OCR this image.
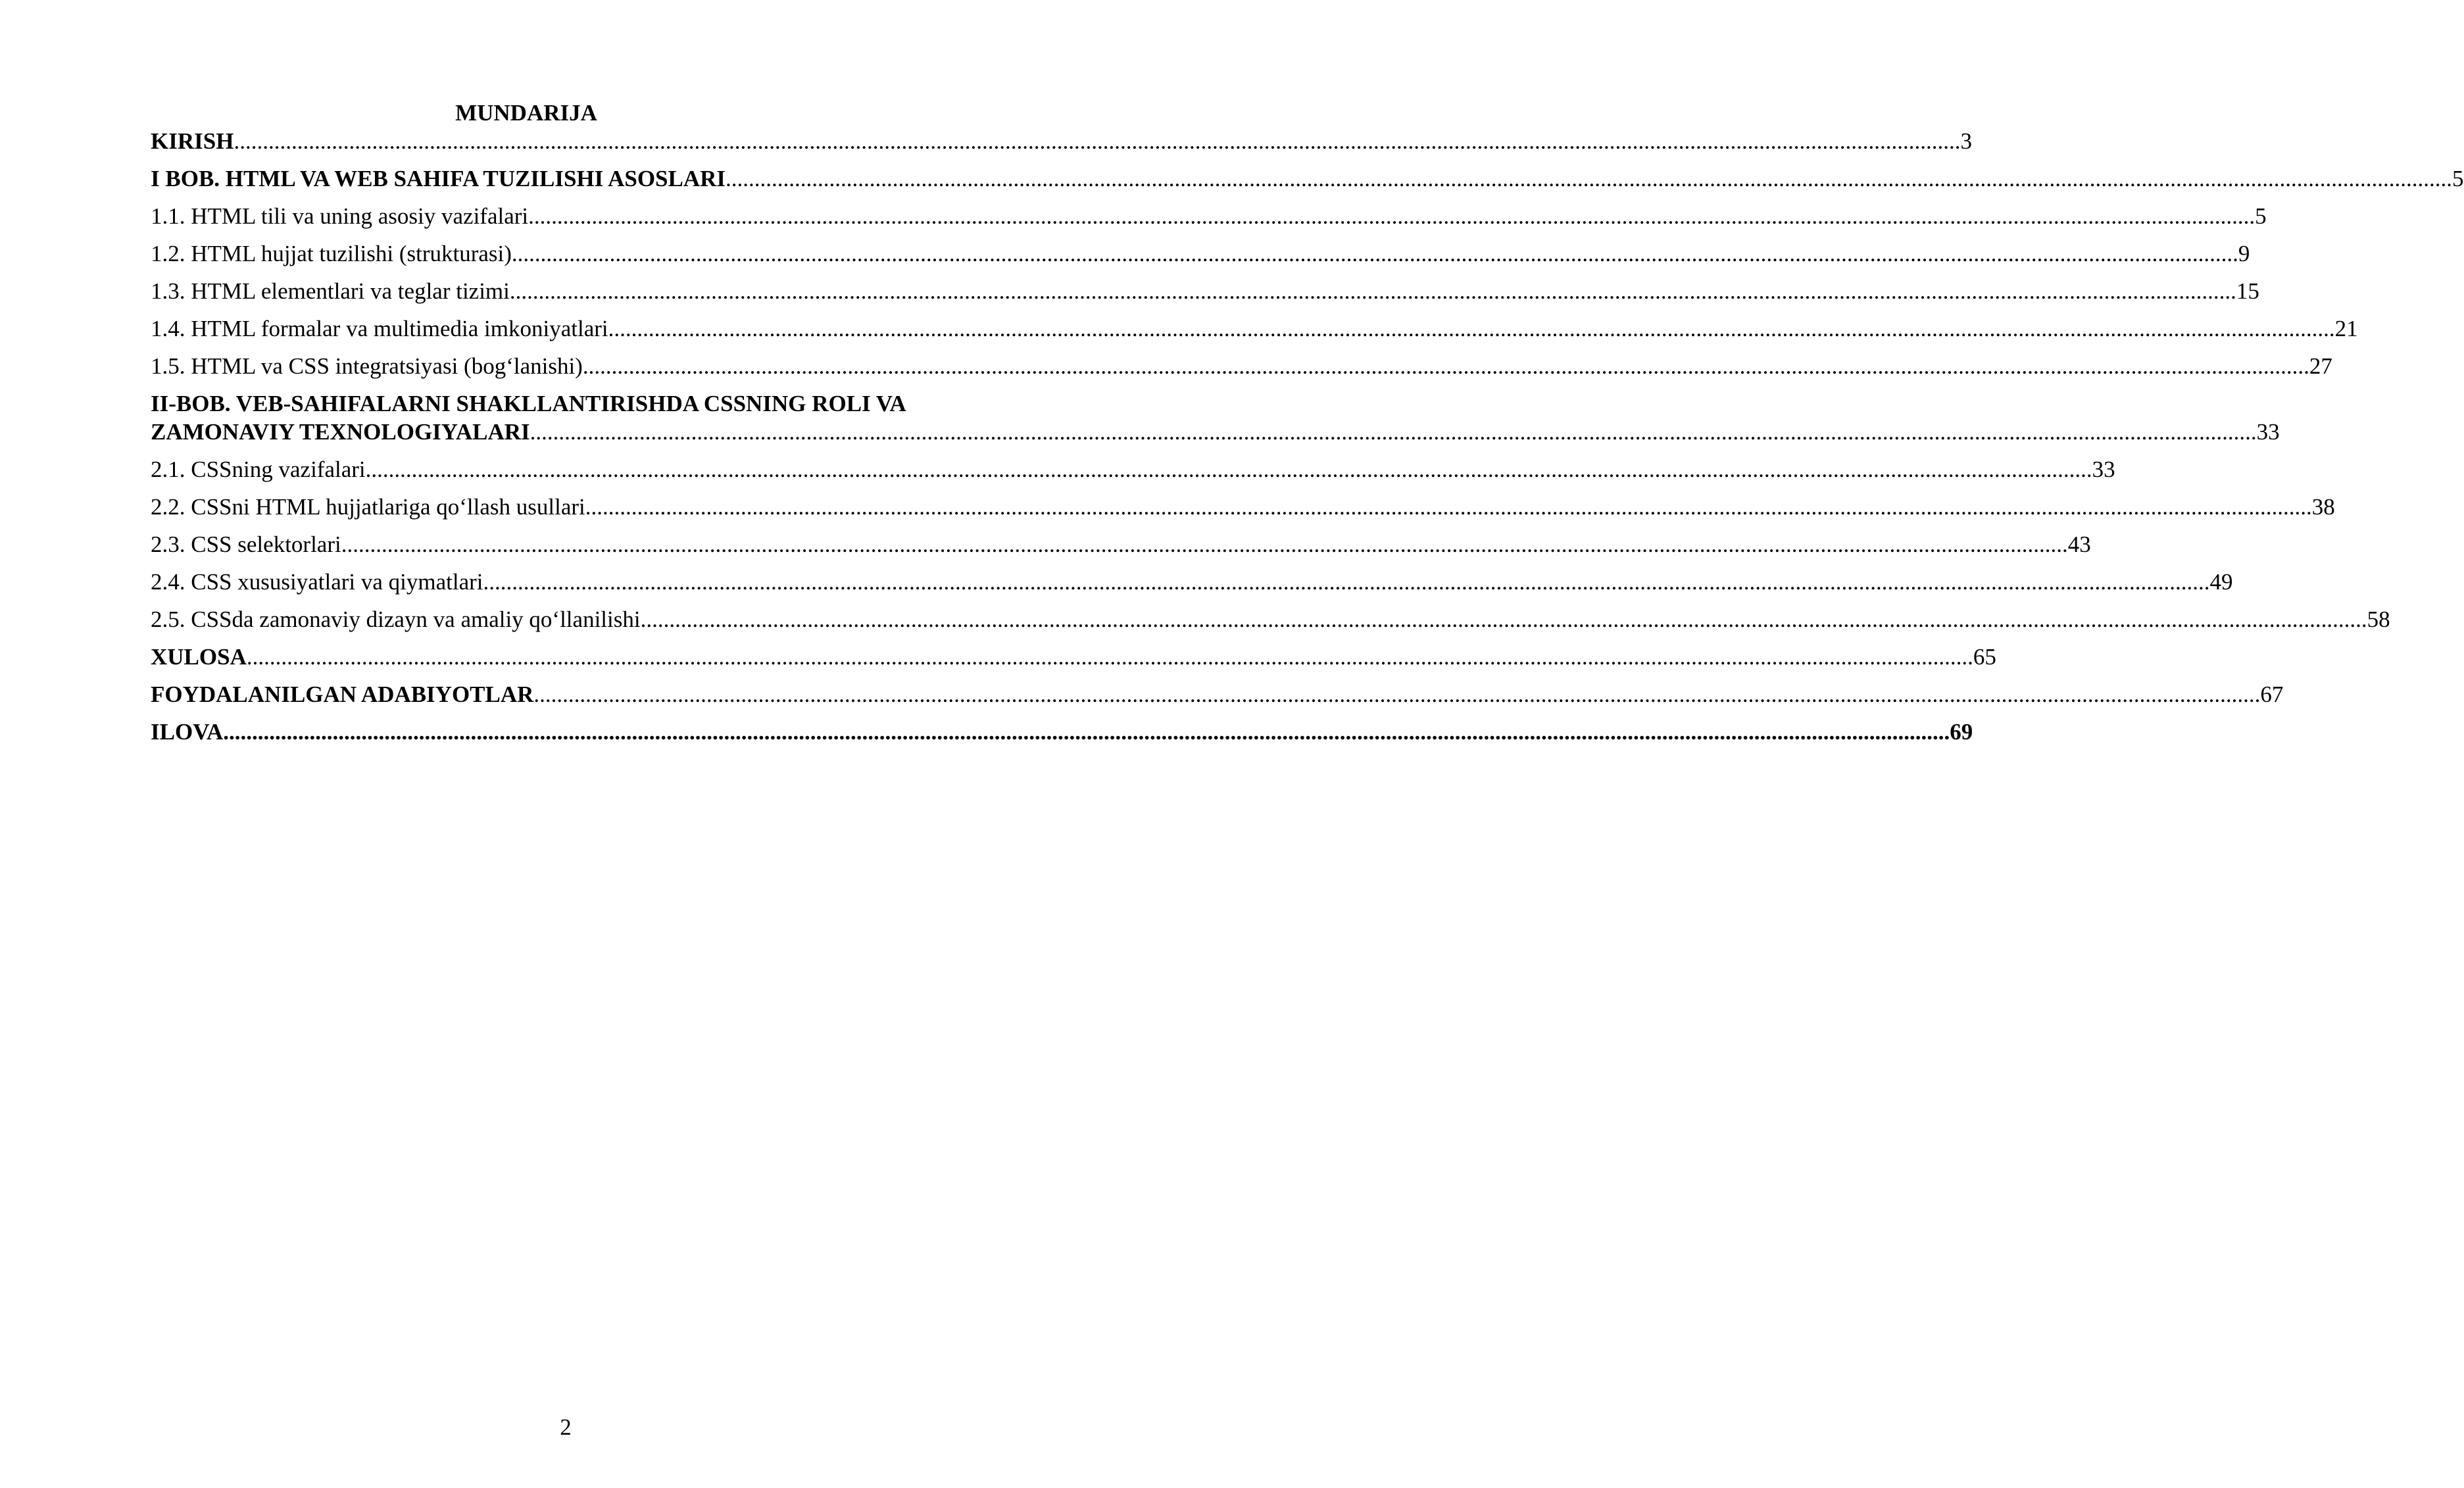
MUNDARIJA
KIRISH ............................................................................................................................................................................................................................................................................................................ 3
I BOB. HTML VA WEB SAHIFA TUZILISHI ASOSLARI ............................................................................................................................................................................................................................................................................................................ 5
1.1. HTML tili va uning asosiy vazifalari ............................................................................................................................................................................................................................................................................................................ 5
1.2. HTML hujjat tuzilishi (strukturasi) ............................................................................................................................................................................................................................................................................................................ 9
1.3. HTML elementlari va teglar tizimi ............................................................................................................................................................................................................................................................................................................ 15
1.4. HTML formalar va multimedia imkoniyatlari ............................................................................................................................................................................................................................................................................................................ 21
1.5. HTML va CSS integratsiyasi (bog‘lanishi) ............................................................................................................................................................................................................................................................................................................ 27
II-BOB. VEB-SAHIFALARNI SHAKLLANTIRISHDA CSSNING ROLI VA
ZAMONAVIY TEXNOLOGIYALARI ............................................................................................................................................................................................................................................................................................................ 33
2.1. CSSning vazifalari ............................................................................................................................................................................................................................................................................................................ 33
2.2. CSSni HTML hujjatlariga qo‘llash usullari ............................................................................................................................................................................................................................................................................................................ 38
2.3. CSS selektorlari ............................................................................................................................................................................................................................................................................................................ 43
2.4. CSS xususiyatlari va qiymatlari ............................................................................................................................................................................................................................................................................................................ 49
2.5. CSSda zamonaviy dizayn va amaliy qo‘llanilishi ............................................................................................................................................................................................................................................................................................................ 58
XULOSA ............................................................................................................................................................................................................................................................................................................ 65
FOYDALANILGAN ADABIYOTLAR ............................................................................................................................................................................................................................................................................................................ 67
ILOVA ............................................................................................................................................................................................................................................................................................................ 69
2
